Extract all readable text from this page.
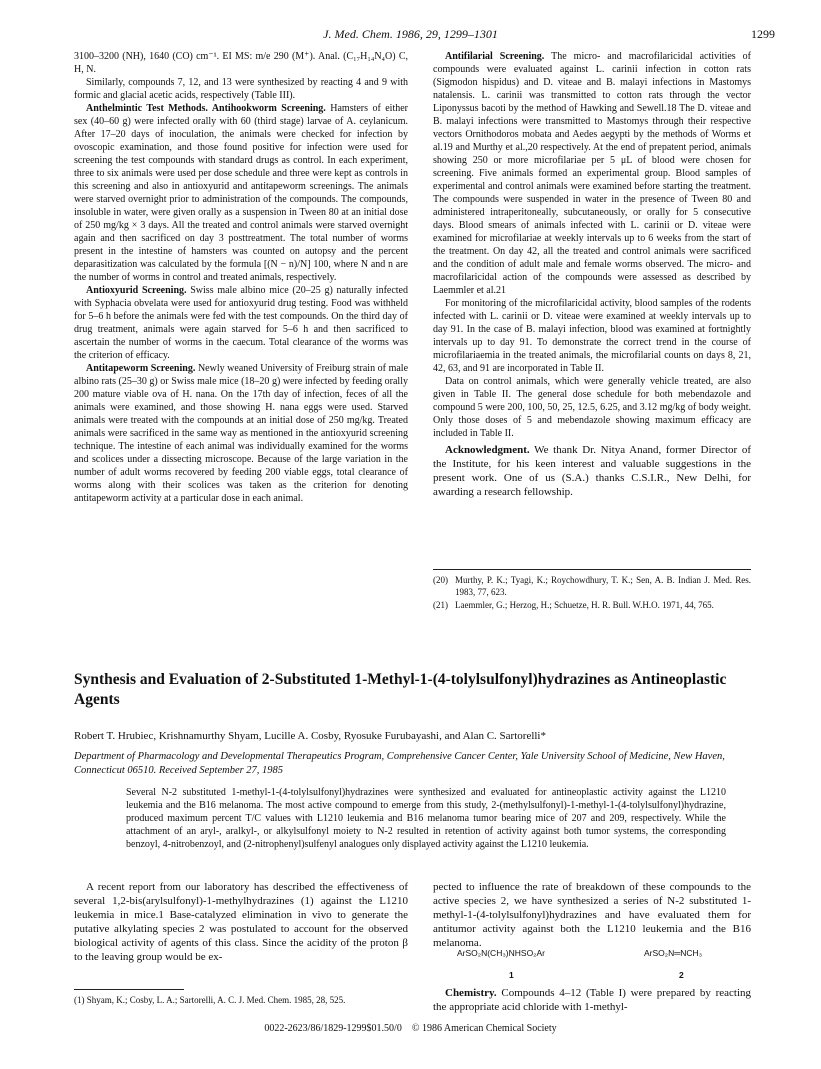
J. Med. Chem. 1986, 29, 1299–1301	1299

3100–3200 (NH), 1640 (CO) cm⁻¹. EI MS: m/e 290 (M⁺). Anal. (C₁₇H₁₄N₄O) C, H, N.

Similarly, compounds 7, 12, and 13 were synthesized by reacting 4 and 9 with formic and glacial acetic acids, respectively (Table III).

Anthelmintic Test Methods. Antihookworm Screening. Hamsters of either sex (40–60 g) were infected orally with 60 (third stage) larvae of A. ceylanicum. After 17–20 days of inoculation, the animals were checked for infection by ovoscopic examination, and those found positive for infection were used for screening the test compounds with standard drugs as control. In each experiment, three to six animals were used per dose schedule and three were kept as controls in this screening and also in antioxyurid and antitapeworm screenings. The animals were starved overnight prior to administration of the compounds. The compounds, insoluble in water, were given orally as a suspension in Tween 80 at an initial dose of 250 mg/kg × 3 days. All the treated and control animals were starved overnight again and then sacrificed on day 3 posttreatment. The total number of worms present in the intestine of hamsters was counted on autopsy and the percent deparasitization was calculated by the formula [(N − n)/N] 100, where N and n are the number of worms in control and treated animals, respectively.

Antioxyurid Screening. Swiss male albino mice (20–25 g) naturally infected with Syphacia obvelata were used for antioxyurid drug testing. Food was withheld for 5–6 h before the animals were fed with the test compounds. On the third day of drug treatment, animals were again starved for 5–6 h and then sacrificed to ascertain the number of worms in the caecum. Total clearance of the worms was the criterion of efficacy.

Antitapeworm Screening. Newly weaned University of Freiburg strain of male albino rats (25–30 g) or Swiss male mice (18–20 g) were infected by feeding orally 200 mature viable ova of H. nana. On the 17th day of infection, feces of all the animals were examined, and those showing H. nana eggs were used. Starved animals were treated with the compounds at an initial dose of 250 mg/kg. Treated animals were sacrificed in the same way as mentioned in the antioxyurid screening technique. The intestine of each animal was individually examined for the worms and scolices under a dissecting microscope. Because of the large variation in the number of adult worms recovered by feeding 200 viable eggs, total clearance of worms along with their scolices was taken as the criterion for denoting antitapeworm activity at a particular dose in each animal.

Antifilarial Screening. The micro- and macrofilaricidal activities of compounds were evaluated against L. carinii infection in cotton rats (Sigmodon hispidus) and D. viteae and B. malayi infections in Mastomys natalensis. L. carinii was transmitted to cotton rats through the vector Liponyssus bacoti by the method of Hawking and Sewell.18 The D. viteae and B. malayi infections were transmitted to Mastomys through their respective vectors Ornithodoros mobata and Aedes aegypti by the methods of Worms et al.19 and Murthy et al.,20 respectively. At the end of prepatent period, animals showing 250 or more microfilariae per 5 μL of blood were chosen for screening. Five animals formed an experimental group. Blood samples of experimental and control animals were examined before starting the treatment. The compounds were suspended in water in the presence of Tween 80 and administered intraperitoneally, subcutaneously, or orally for 5 consecutive days. Blood smears of animals infected with L. carinii or D. viteae were examined for microfilariae at weekly intervals up to 6 weeks from the start of the treatment. On day 42, all the treated and control animals were sacrificed and the condition of adult male and female worms observed. The micro- and macrofilaricidal action of the compounds were assessed as described by Laemmler et al.21

For monitoring of the microfilaricidal activity, blood samples of the rodents infected with L. carinii or D. viteae were examined at weekly intervals up to day 91. In the case of B. malayi infection, blood was examined at fortnightly intervals up to day 91. To demonstrate the correct trend in the course of microfilariaemia in the treated animals, the microfilarial counts on days 8, 21, 42, 63, and 91 are incorporated in Table II.

Data on control animals, which were generally vehicle treated, are also given in Table II. The general dose schedule for both mebendazole and compound 5 were 200, 100, 50, 25, 12.5, 6.25, and 3.12 mg/kg of body weight. Only those doses of 5 and mebendazole showing maximum efficacy are included in Table II.

Acknowledgment. We thank Dr. Nitya Anand, former Director of the Institute, for his keen interest and valuable suggestions in the present work. One of us (S.A.) thanks C.S.I.R., New Delhi, for awarding a research fellowship.

(20) Murthy, P. K.; Tyagi, K.; Roychowdhury, T. K.; Sen, A. B. Indian J. Med. Res. 1983, 77, 623.

(21) Laemmler, G.; Herzog, H.; Schuetze, H. R. Bull. W.H.O. 1971, 44, 765.

Synthesis and Evaluation of 2-Substituted 1-Methyl-1-(4-tolylsulfonyl)hydrazines as Antineoplastic Agents
Robert T. Hrubiec, Krishnamurthy Shyam, Lucille A. Cosby, Ryosuke Furubayashi, and Alan C. Sartorelli*
Department of Pharmacology and Developmental Therapeutics Program, Comprehensive Cancer Center, Yale University School of Medicine, New Haven, Connecticut 06510. Received September 27, 1985
Several N-2 substituted 1-methyl-1-(4-tolylsulfonyl)hydrazines were synthesized and evaluated for antineoplastic activity against the L1210 leukemia and the B16 melanoma. The most active compound to emerge from this study, 2-(methylsulfonyl)-1-methyl-1-(4-tolylsulfonyl)hydrazine, produced maximum percent T/C values with L1210 leukemia and B16 melanoma tumor bearing mice of 207 and 209, respectively. While the attachment of an aryl-, aralkyl-, or alkylsulfonyl moiety to N-2 resulted in retention of activity against both tumor systems, the corresponding benzoyl, 4-nitrobenzoyl, and (2-nitrophenyl)sulfenyl analogues only displayed activity against the L1210 leukemia.

A recent report from our laboratory has described the effectiveness of several 1,2-bis(arylsulfonyl)-1-methylhydrazines (1) against the L1210 leukemia in mice.1 Base-catalyzed elimination in vivo to generate the putative alkylating species 2 was postulated to account for the observed biological activity of agents of this class. Since the acidity of the proton β to the leaving group would be ex-

(1) Shyam, K.; Cosby, L. A.; Sartorelli, A. C. J. Med. Chem. 1985, 28, 525.

pected to influence the rate of breakdown of these compounds to the active species 2, we have synthesized a series of N-2 substituted 1-methyl-1-(4-tolylsulfonyl)hydrazines and have evaluated them for antitumor activity against both the L1210 leukemia and the B16 melanoma.

ArSO₂N(CH₃)NHSO₂Ar	ArSO₂N═NCH₃
1	2

Chemistry. Compounds 4–12 (Table I) were prepared by reacting the appropriate acid chloride with 1-methyl-

0022-2623/86/1829-1299$01.50/0 © 1986 American Chemical Society
